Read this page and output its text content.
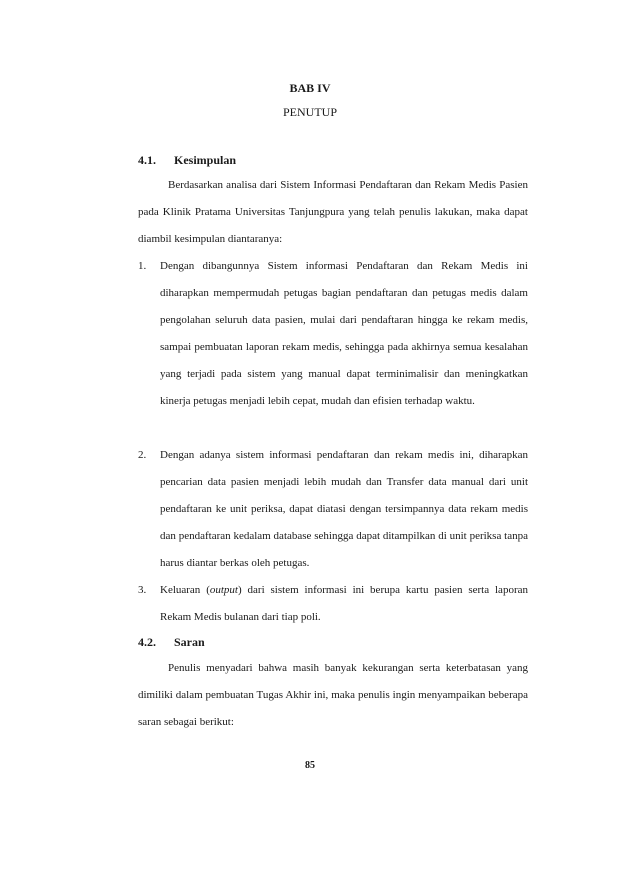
BAB IV
PENUTUP
4.1. Kesimpulan

Berdasarkan analisa dari Sistem Informasi Pendaftaran dan Rekam Medis Pasien pada Klinik Pratama Universitas Tanjungpura yang telah penulis lakukan, maka dapat diambil kesimpulan diantaranya:

1. Dengan dibangunnya Sistem informasi Pendaftaran dan Rekam Medis ini diharapkan mempermudah petugas bagian pendaftaran dan petugas medis dalam pengolahan seluruh data pasien, mulai dari pendaftaran hingga ke rekam medis, sampai pembuatan laporan rekam medis, sehingga pada akhirnya semua kesalahan yang terjadi pada sistem yang manual dapat terminimalisir dan meningkatkan kinerja petugas menjadi lebih cepat, mudah dan efisien terhadap waktu.
2. Dengan adanya sistem informasi pendaftaran dan rekam medis ini, diharapkan pencarian data pasien menjadi lebih mudah dan Transfer data manual dari unit pendaftaran ke unit periksa, dapat diatasi dengan tersimpannya data rekam medis dan pendaftaran kedalam database sehingga dapat ditampilkan di unit periksa tanpa harus diantar berkas oleh petugas.
3. Keluaran (output) dari sistem informasi ini berupa kartu pasien serta laporan Rekam Medis bulanan dari tiap poli.
4.2. Saran

Penulis menyadari bahwa masih banyak kekurangan serta keterbatasan yang dimiliki dalam pembuatan Tugas Akhir ini, maka penulis ingin menyampaikan beberapa saran sebagai berikut:

85
